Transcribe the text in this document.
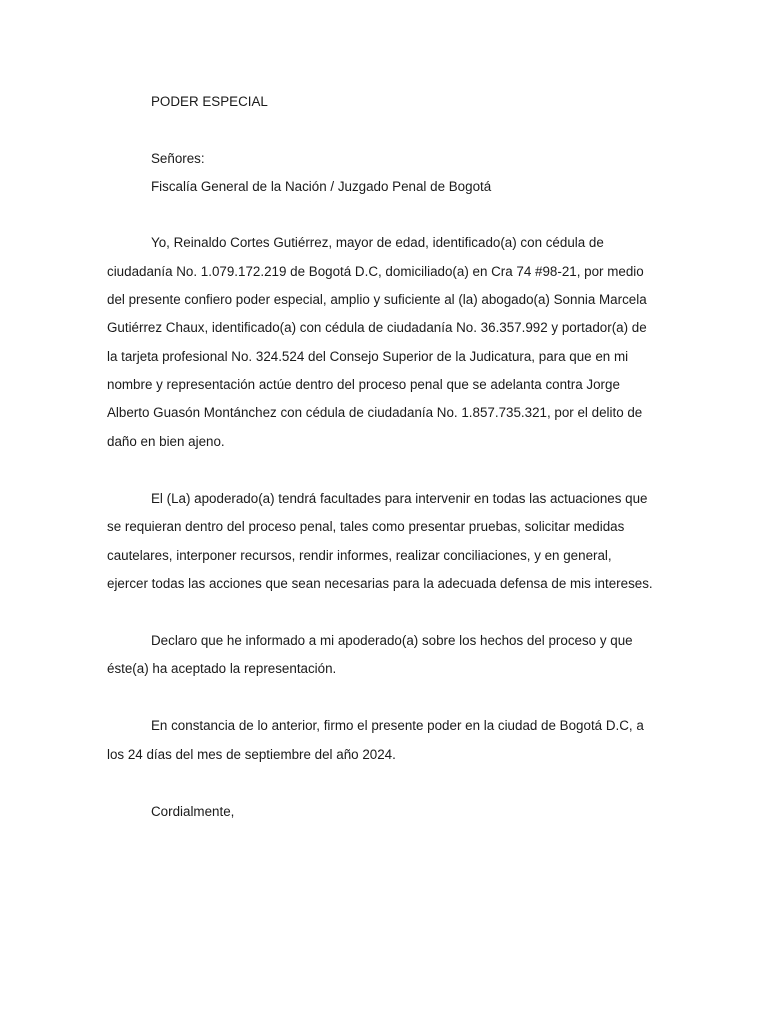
PODER ESPECIAL
Señores:
Fiscalía General de la Nación / Juzgado Penal de Bogotá
Yo, Reinaldo Cortes Gutiérrez, mayor de edad, identificado(a) con cédula de
ciudadanía No. 1.079.172.219 de Bogotá D.C, domiciliado(a) en Cra 74 #98-21, por medio
del presente confiero poder especial, amplio y suficiente al (la) abogado(a) Sonnia Marcela
Gutiérrez Chaux, identificado(a) con cédula de ciudadanía No. 36.357.992 y portador(a) de
la tarjeta profesional No. 324.524 del Consejo Superior de la Judicatura, para que en mi
nombre y representación actúe dentro del proceso penal que se adelanta contra Jorge
Alberto Guasón Montánchez con cédula de ciudadanía No. 1.857.735.321, por el delito de
daño en bien ajeno.
El (La) apoderado(a) tendrá facultades para intervenir en todas las actuaciones que
se requieran dentro del proceso penal, tales como presentar pruebas, solicitar medidas
cautelares, interponer recursos, rendir informes, realizar conciliaciones, y en general,
ejercer todas las acciones que sean necesarias para la adecuada defensa de mis intereses.
Declaro que he informado a mi apoderado(a) sobre los hechos del proceso y que
éste(a) ha aceptado la representación.
En constancia de lo anterior, firmo el presente poder en la ciudad de Bogotá D.C, a
los 24 días del mes de septiembre del año 2024.
Cordialmente,
